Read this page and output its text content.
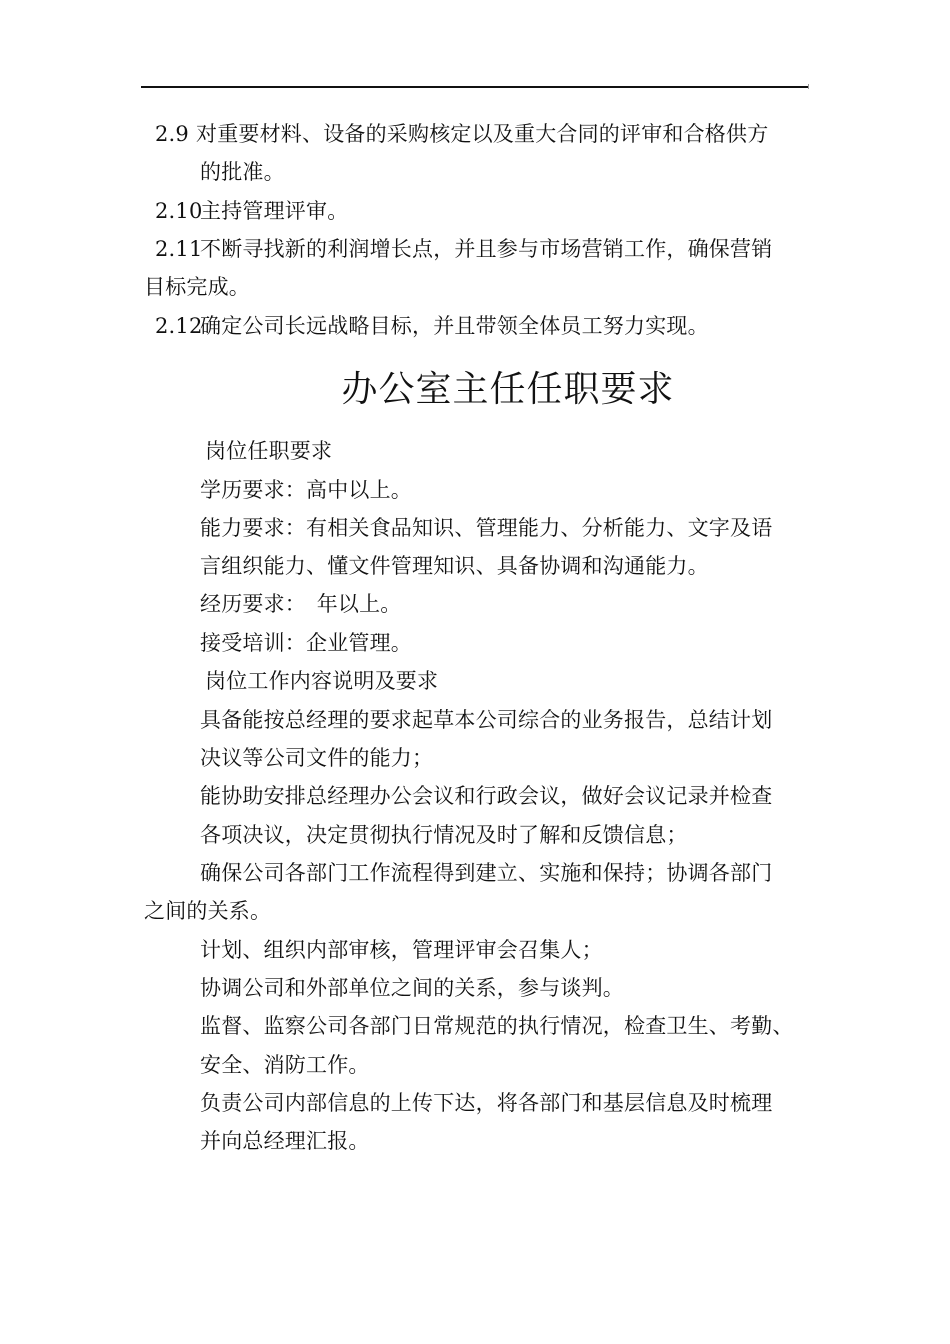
2.9 对重要材料、设备的采购核定以及重大合同的评审和合格供方
的批准。
2.10
主持管理评审。
2.11
不断寻找新的利润增长点，并且参与市场营销工作，确保营销
目标完成。
2.12
确定公司长远战略目标，并且带领全体员工努力实现。
办公室主任任职要求
岗位任职要求
学历要求：高中以上。
能力要求：有相关食品知识、管理能力、分析能力、文字及语
言组织能力、懂文件管理知识、具备协调和沟通能力。
经历要求：　年以上。
接受培训：企业管理。
岗位工作内容说明及要求
具备能按总经理的要求起草本公司综合的业务报告，总结计划
决议等公司文件的能力；
能协助安排总经理办公会议和行政会议，做好会议记录并检查
各项决议，决定贯彻执行情况及时了解和反馈信息；
确保公司各部门工作流程得到建立、实施和保持；协调各部门
之间的关系。
计划、组织内部审核，管理评审会召集人；
协调公司和外部单位之间的关系，参与谈判。
监督、监察公司各部门日常规范的执行情况，检查卫生、考勤、
安全、消防工作。
负责公司内部信息的上传下达，将各部门和基层信息及时梳理
并向总经理汇报。
